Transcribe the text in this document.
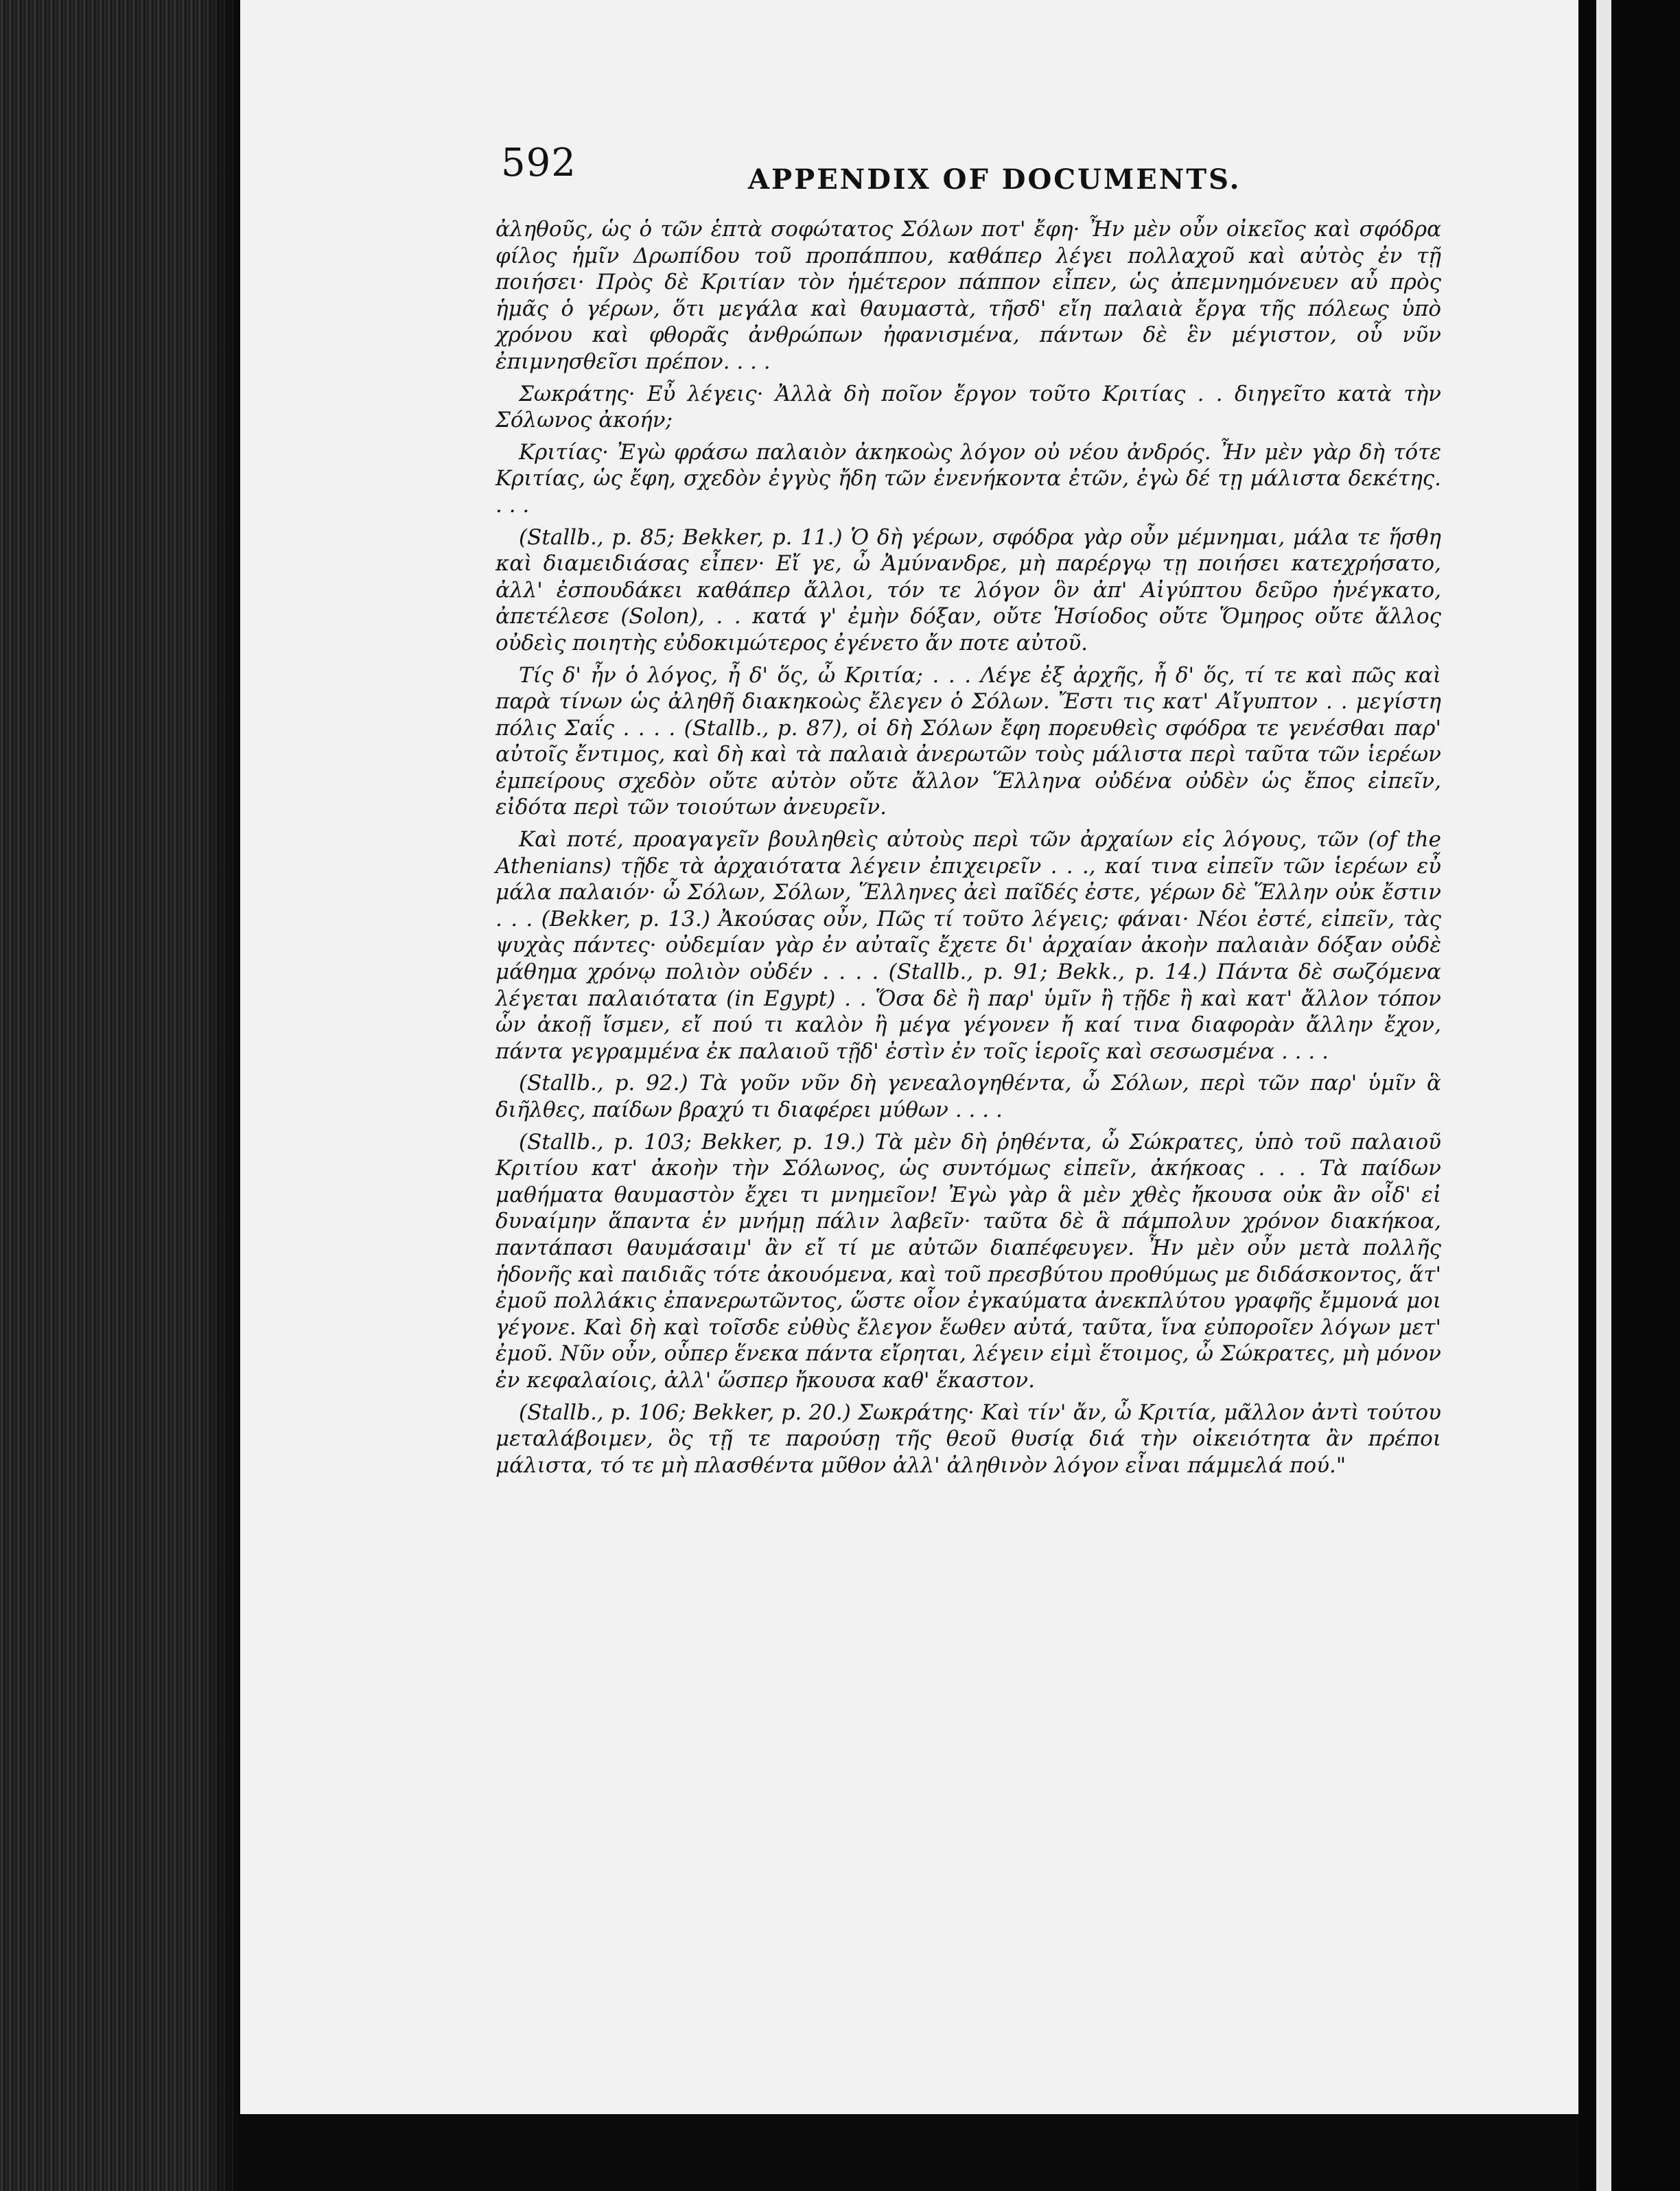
592	APPENDIX OF DOCUMENTS.

ἀληθοῦς, ὡς ὁ τῶν ἑπτὰ σοφώτατος Σόλων ποτ' ἔφη· Ἦν μὲν οὖν οἰκεῖος καὶ σφόδρα φίλος ἡμῖν Δρωπίδου τοῦ προπάππου, καθάπερ λέγει πολλαχοῦ καὶ αὐτὸς ἐν τῇ ποιήσει· Πρὸς δὲ Κριτίαν τὸν ἡμέτερον πάππον εἶπεν, ὡς ἀπεμνημόνευεν αὖ πρὸς ἡμᾶς ὁ γέρων, ὅτι μεγάλα καὶ θαυμαστὰ, τῆσδ' εἴη παλαιὰ ἔργα τῆς πόλεως ὑπὸ χρόνου καὶ φθορᾶς ἀνθρώπων ἠφανισμένα, πάντων δὲ ἓν μέγιστον, οὗ νῦν ἐπιμνησθεῖσι πρέπον. . . .

Σωκράτης· Εὖ λέγεις· Ἀλλὰ δὴ ποῖον ἔργον τοῦτο Κριτίας . . διηγεῖτο κατὰ τὴν Σόλωνος ἀκοήν;

Κριτίας· Ἐγὼ φράσω παλαιὸν ἀκηκοὼς λόγον οὐ νέου ἀνδρός. Ἦν μὲν γὰρ δὴ τότε Κριτίας, ὡς ἔφη, σχεδὸν ἐγγὺς ἤδη τῶν ἐνενήκοντα ἐτῶν, ἐγὼ δέ τῃ μάλιστα δεκέτης. . . .

(Stallb., p. 85; Bekker, p. 11.) Ὁ δὴ γέρων, σφόδρα γὰρ οὖν μέμνημαι, μάλα τε ἥσθη καὶ διαμειδιάσας εἶπεν· Εἴ γε, ὦ Ἀμύνανδρε, μὴ παρέργῳ τῃ ποιήσει κατεχρήσατο, ἀλλ' ἐσπουδάκει καθάπερ ἄλλοι, τόν τε λόγον ὃν ἀπ' Αἰγύπτου δεῦρο ἠνέγκατο, ἀπετέλεσε (Solon), . . κατά γ' ἐμὴν δόξαν, οὔτε Ἡσίοδος οὔτε Ὅμηρος οὔτε ἄλλος οὐδεὶς ποιητὴς εὐδοκιμώτερος ἐγένετο ἄν ποτε αὐτοῦ.

Τίς δ' ἦν ὁ λόγος, ἦ δ' ὅς, ὦ Κριτία; . . . Λέγε ἐξ ἀρχῆς, ἦ δ' ὅς, τί τε καὶ πῶς καὶ παρὰ τίνων ὡς ἀληθῆ διακηκοὼς ἔλεγεν ὁ Σόλων. Ἔστι τις κατ' Αἴγυπτον . . μεγίστη πόλις Σαΐς . . . . (Stallb., p. 87), οἱ δὴ Σόλων ἔφη πορευθεὶς σφόδρα τε γενέσθαι παρ' αὐτοῖς ἔντιμος, καὶ δὴ καὶ τὰ παλαιὰ ἀνερωτῶν τοὺς μάλιστα περὶ ταῦτα τῶν ἱερέων ἐμπείρους σχεδὸν οὔτε αὐτὸν οὔτε ἄλλον Ἕλληνα οὐδένα οὐδὲν ὡς ἔπος εἰπεῖν, εἰδότα περὶ τῶν τοιούτων ἀνευρεῖν.

Καὶ ποτέ, προαγαγεῖν βουληθεὶς αὐτοὺς περὶ τῶν ἀρχαίων εἰς λόγους, τῶν (of the Athenians) τῇδε τὰ ἀρχαιότατα λέγειν ἐπιχειρεῖν . . ., καί τινα εἰπεῖν τῶν ἱερέων εὖ μάλα παλαιόν· ὦ Σόλων, Σόλων, Ἕλληνες ἀεὶ παῖδές ἐστε, γέρων δὲ Ἕλλην οὐκ ἔστιν . . . (Bekker, p. 13.) Ἀκούσας οὖν, Πῶς τί τοῦτο λέγεις; φάναι· Νέοι ἐστέ, εἰπεῖν, τὰς ψυχὰς πάντες· οὐδεμίαν γὰρ ἐν αὐταῖς ἔχετε δι' ἀρχαίαν ἀκοὴν παλαιὰν δόξαν οὐδὲ μάθημα χρόνῳ πολιὸν οὐδέν . . . . (Stallb., p. 91; Bekk., p. 14.) Πάντα δὲ σωζόμενα λέγεται παλαιότατα (in Egypt) . . Ὅσα δὲ ἢ παρ' ὑμῖν ἢ τῇδε ἢ καὶ κατ' ἄλλον τόπον ὧν ἀκοῇ ἴσμεν, εἴ πού τι καλὸν ἢ μέγα γέγονεν ἤ καί τινα διαφορὰν ἄλλην ἔχον, πάντα γεγραμμένα ἐκ παλαιοῦ τῇδ' ἐστὶν ἐν τοῖς ἱεροῖς καὶ σεσωσμένα . . . .

(Stallb., p. 92.) Τὰ γοῦν νῦν δὴ γενεαλογηθέντα, ὦ Σόλων, περὶ τῶν παρ' ὑμῖν ἃ διῆλθες, παίδων βραχύ τι διαφέρει μύθων . . . .

(Stallb., p. 103; Bekker, p. 19.) Τὰ μὲν δὴ ῥηθέντα, ὦ Σώκρατες, ὑπὸ τοῦ παλαιοῦ Κριτίου κατ' ἀκοὴν τὴν Σόλωνος, ὡς συντόμως εἰπεῖν, ἀκήκοας . . . Τὰ παίδων μαθήματα θαυμαστὸν ἔχει τι μνημεῖον! Ἐγὼ γὰρ ἃ μὲν χθὲς ἤκουσα οὐκ ἂν οἶδ' εἰ δυναίμην ἅπαντα ἐν μνήμῃ πάλιν λαβεῖν· ταῦτα δὲ ἃ πάμπολυν χρόνον διακήκοα, παντάπασι θαυμάσαιμ' ἂν εἴ τί με αὐτῶν διαπέφευγεν. Ἦν μὲν οὖν μετὰ πολλῆς ἡδονῆς καὶ παιδιᾶς τότε ἀκουόμενα, καὶ τοῦ πρεσβύτου προθύμως με διδάσκοντος, ἅτ' ἐμοῦ πολλάκις ἐπανερωτῶντος, ὥστε οἷον ἐγκαύματα ἀνεκπλύτου γραφῆς ἔμμονά μοι γέγονε. Καὶ δὴ καὶ τοῖσδε εὐθὺς ἔλεγον ἕωθεν αὐτά, ταῦτα, ἵνα εὐποροῖεν λόγων μετ' ἐμοῦ. Νῦν οὖν, οὗπερ ἕνεκα πάντα εἴρηται, λέγειν εἰμὶ ἕτοιμος, ὦ Σώκρατες, μὴ μόνον ἐν κεφαλαίοις, ἀλλ' ὥσπερ ἤκουσα καθ' ἕκαστον.

(Stallb., p. 106; Bekker, p. 20.) Σωκράτης· Καὶ τίν' ἄν, ὦ Κριτία, μᾶλλον ἀντὶ τούτου μεταλάβοιμεν, ὃς τῇ τε παρούσῃ τῆς θεοῦ θυσίᾳ διά τὴν οἰκειότητα ἂν πρέποι μάλιστα, τό τε μὴ πλασθέντα μῦθον ἀλλ' ἀληθινὸν λόγον εἶναι πάμμελά πού."
